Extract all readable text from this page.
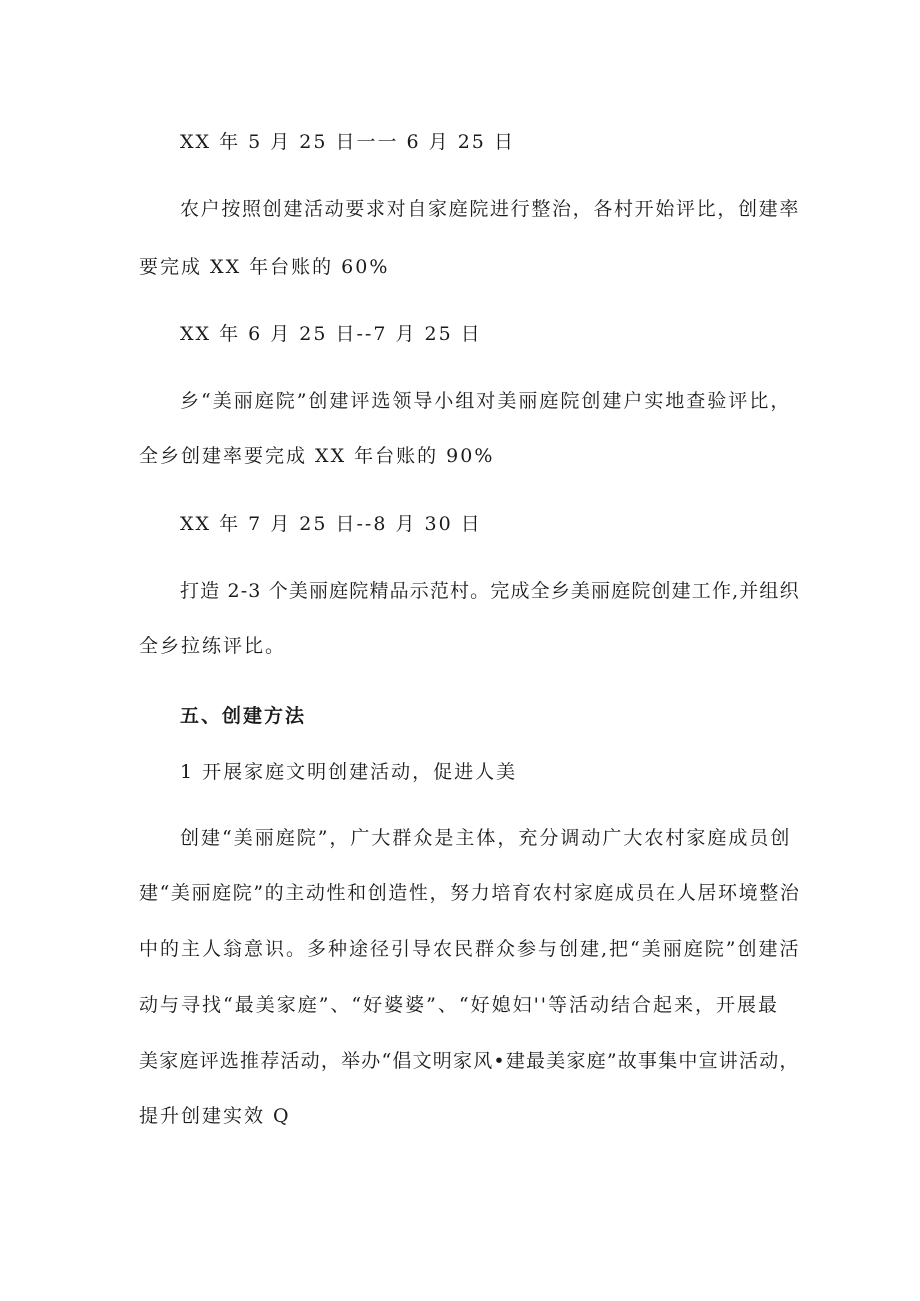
XX 年 5 月 25 日一一 6 月 25 日
农户按照创建活动要求对自家庭院进行整治，各村开始评比，创建率
要完成 XX 年台账的 60%
XX 年 6 月 25 日--7 月 25 日
乡“美丽庭院”创建评选领导小组对美丽庭院创建户实地查验评比，
全乡创建率要完成 XX 年台账的 90%
XX 年 7 月 25 日--8 月 30 日
打造 2-3 个美丽庭院精品示范村。完成全乡美丽庭院创建工作,并组织
全乡拉练评比。
五、创建方法
1 开展家庭文明创建活动，促进人美
创建“美丽庭院”，广大群众是主体，充分调动广大农村家庭成员创
建“美丽庭院”的主动性和创造性，努力培育农村家庭成员在人居环境整治
中的主人翁意识。多种途径引导农民群众参与创建,把“美丽庭院”创建活
动与寻找“最美家庭”、“好婆婆”、“好媳妇''等活动结合起来，开展最
美家庭评选推荐活动，举办“倡文明家风•建最美家庭”故事集中宣讲活动，
提升创建实效 Q
